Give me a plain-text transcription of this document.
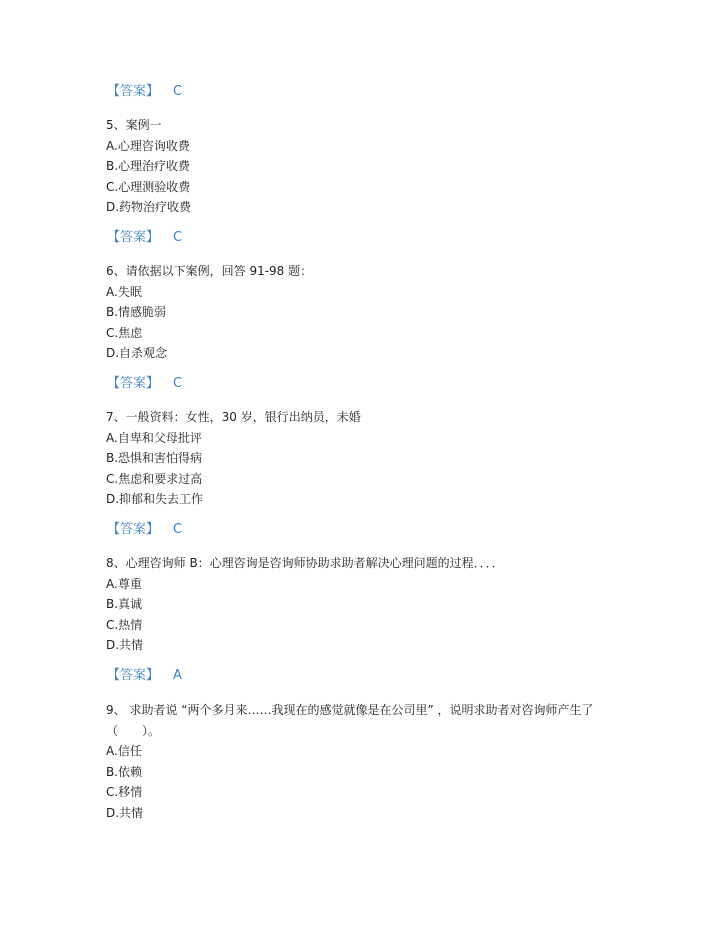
【答案】 C
5、案例一
A.心理咨询收费
B.心理治疗收费
C.心理测验收费
D.药物治疗收费
【答案】 C
6、请依据以下案例，回答 91-98 题：
A.失眠
B.情感脆弱
C.焦虑
D.自杀观念
【答案】 C
7、一般资料：女性，30 岁，银行出纳员，未婚
A.自卑和父母批评
B.恐惧和害怕得病
C.焦虑和要求过高
D.抑郁和失去工作
【答案】 C
8、心理咨询师 B：心理咨询是咨询师协助求助者解决心理问题的过程．．．．
A.尊重
B.真诚
C.热情
D.共情
【答案】 A
9、 求助者说 “两个多月来……我现在的感觉就像是在公司里” ，说明求助者对咨询师产生了（　　）。
A.信任
B.依赖
C.移情
D.共情
